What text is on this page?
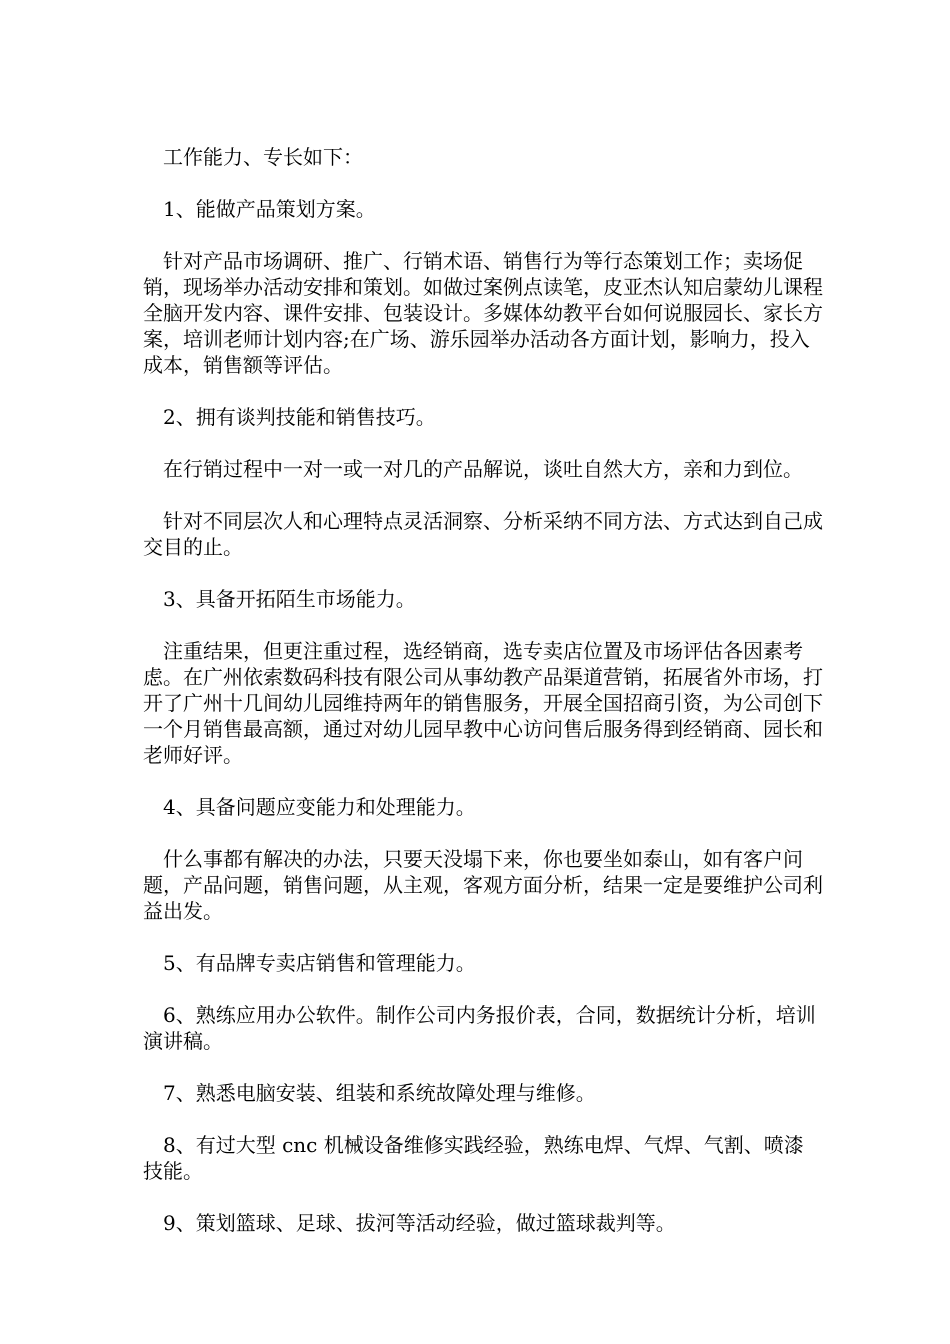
工作能力、专长如下：

1、能做产品策划方案。

针对产品市场调研、推广、行销术语、销售行为等行态策划工作；卖场促销，现场举办活动安排和策划。如做过案例点读笔，皮亚杰认知启蒙幼儿课程全脑开发内容、课件安排、包装设计。多媒体幼教平台如何说服园长、家长方案，培训老师计划内容;在广场、游乐园举办活动各方面计划，影响力，投入成本，销售额等评估。

2、拥有谈判技能和销售技巧。

在行销过程中一对一或一对几的产品解说，谈吐自然大方，亲和力到位。

针对不同层次人和心理特点灵活洞察、分析采纳不同方法、方式达到自己成交目的止。

3、具备开拓陌生市场能力。

注重结果，但更注重过程，选经销商，选专卖店位置及市场评估各因素考虑。在广州依索数码科技有限公司从事幼教产品渠道营销，拓展省外市场，打开了广州十几间幼儿园维持两年的销售服务，开展全国招商引资，为公司创下一个月销售最高额，通过对幼儿园早教中心访问售后服务得到经销商、园长和老师好评。

4、具备问题应变能力和处理能力。

什么事都有解决的办法，只要天没塌下来，你也要坐如泰山，如有客户问题，产品问题，销售问题，从主观，客观方面分析，结果一定是要维护公司利益出发。

5、有品牌专卖店销售和管理能力。

6、熟练应用办公软件。制作公司内务报价表，合同，数据统计分析，培训演讲稿。

7、熟悉电脑安装、组装和系统故障处理与维修。

8、有过大型 cnc 机械设备维修实践经验，熟练电焊、气焊、气割、喷漆技能。

9、策划篮球、足球、拔河等活动经验，做过篮球裁判等。
